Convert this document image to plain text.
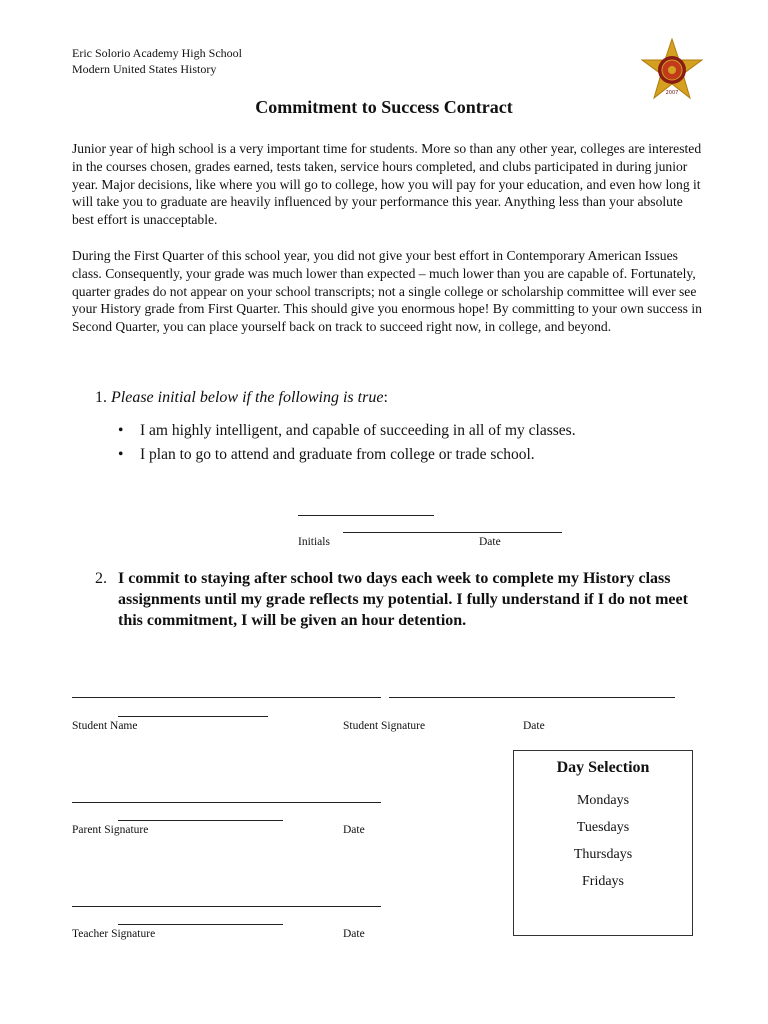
Eric Solorio Academy High School
Modern United States History
2007
Commitment to Success Contract
Junior year of high school is a very important time for students. More so than any other year, colleges are interested in the courses chosen, grades earned, tests taken, service hours completed, and clubs participated in during junior year. Major decisions, like where you will go to college, how you will pay for your education, and even how long it will take you to graduate are heavily influenced by your performance this year. Anything less than your absolute best effort is unacceptable.
During the First Quarter of this school year, you did not give your best effort in Contemporary American Issues class. Consequently, your grade was much lower than expected – much lower than you are capable of. Fortunately, quarter grades do not appear on your school transcripts; not a single college or scholarship committee will ever see your History grade from First Quarter. This should give you enormous hope! By committing to your own success in Second Quarter, you can place yourself back on track to succeed right now, in college, and beyond.
1. Please initial below if the following is true:
• I am highly intelligent, and capable of succeeding in all of my classes.
• I plan to go to attend and graduate from college or trade school.
Initials	Date
2. I commit to staying after school two days each week to complete my History class assignments until my grade reflects my potential. I fully understand if I do not meet this commitment, I will be given an hour detention.
Student Name	Student Signature	Date
Parent Signature	Date
Teacher Signature	Date
Day Selection
Mondays
Tuesdays
Thursdays
Fridays
